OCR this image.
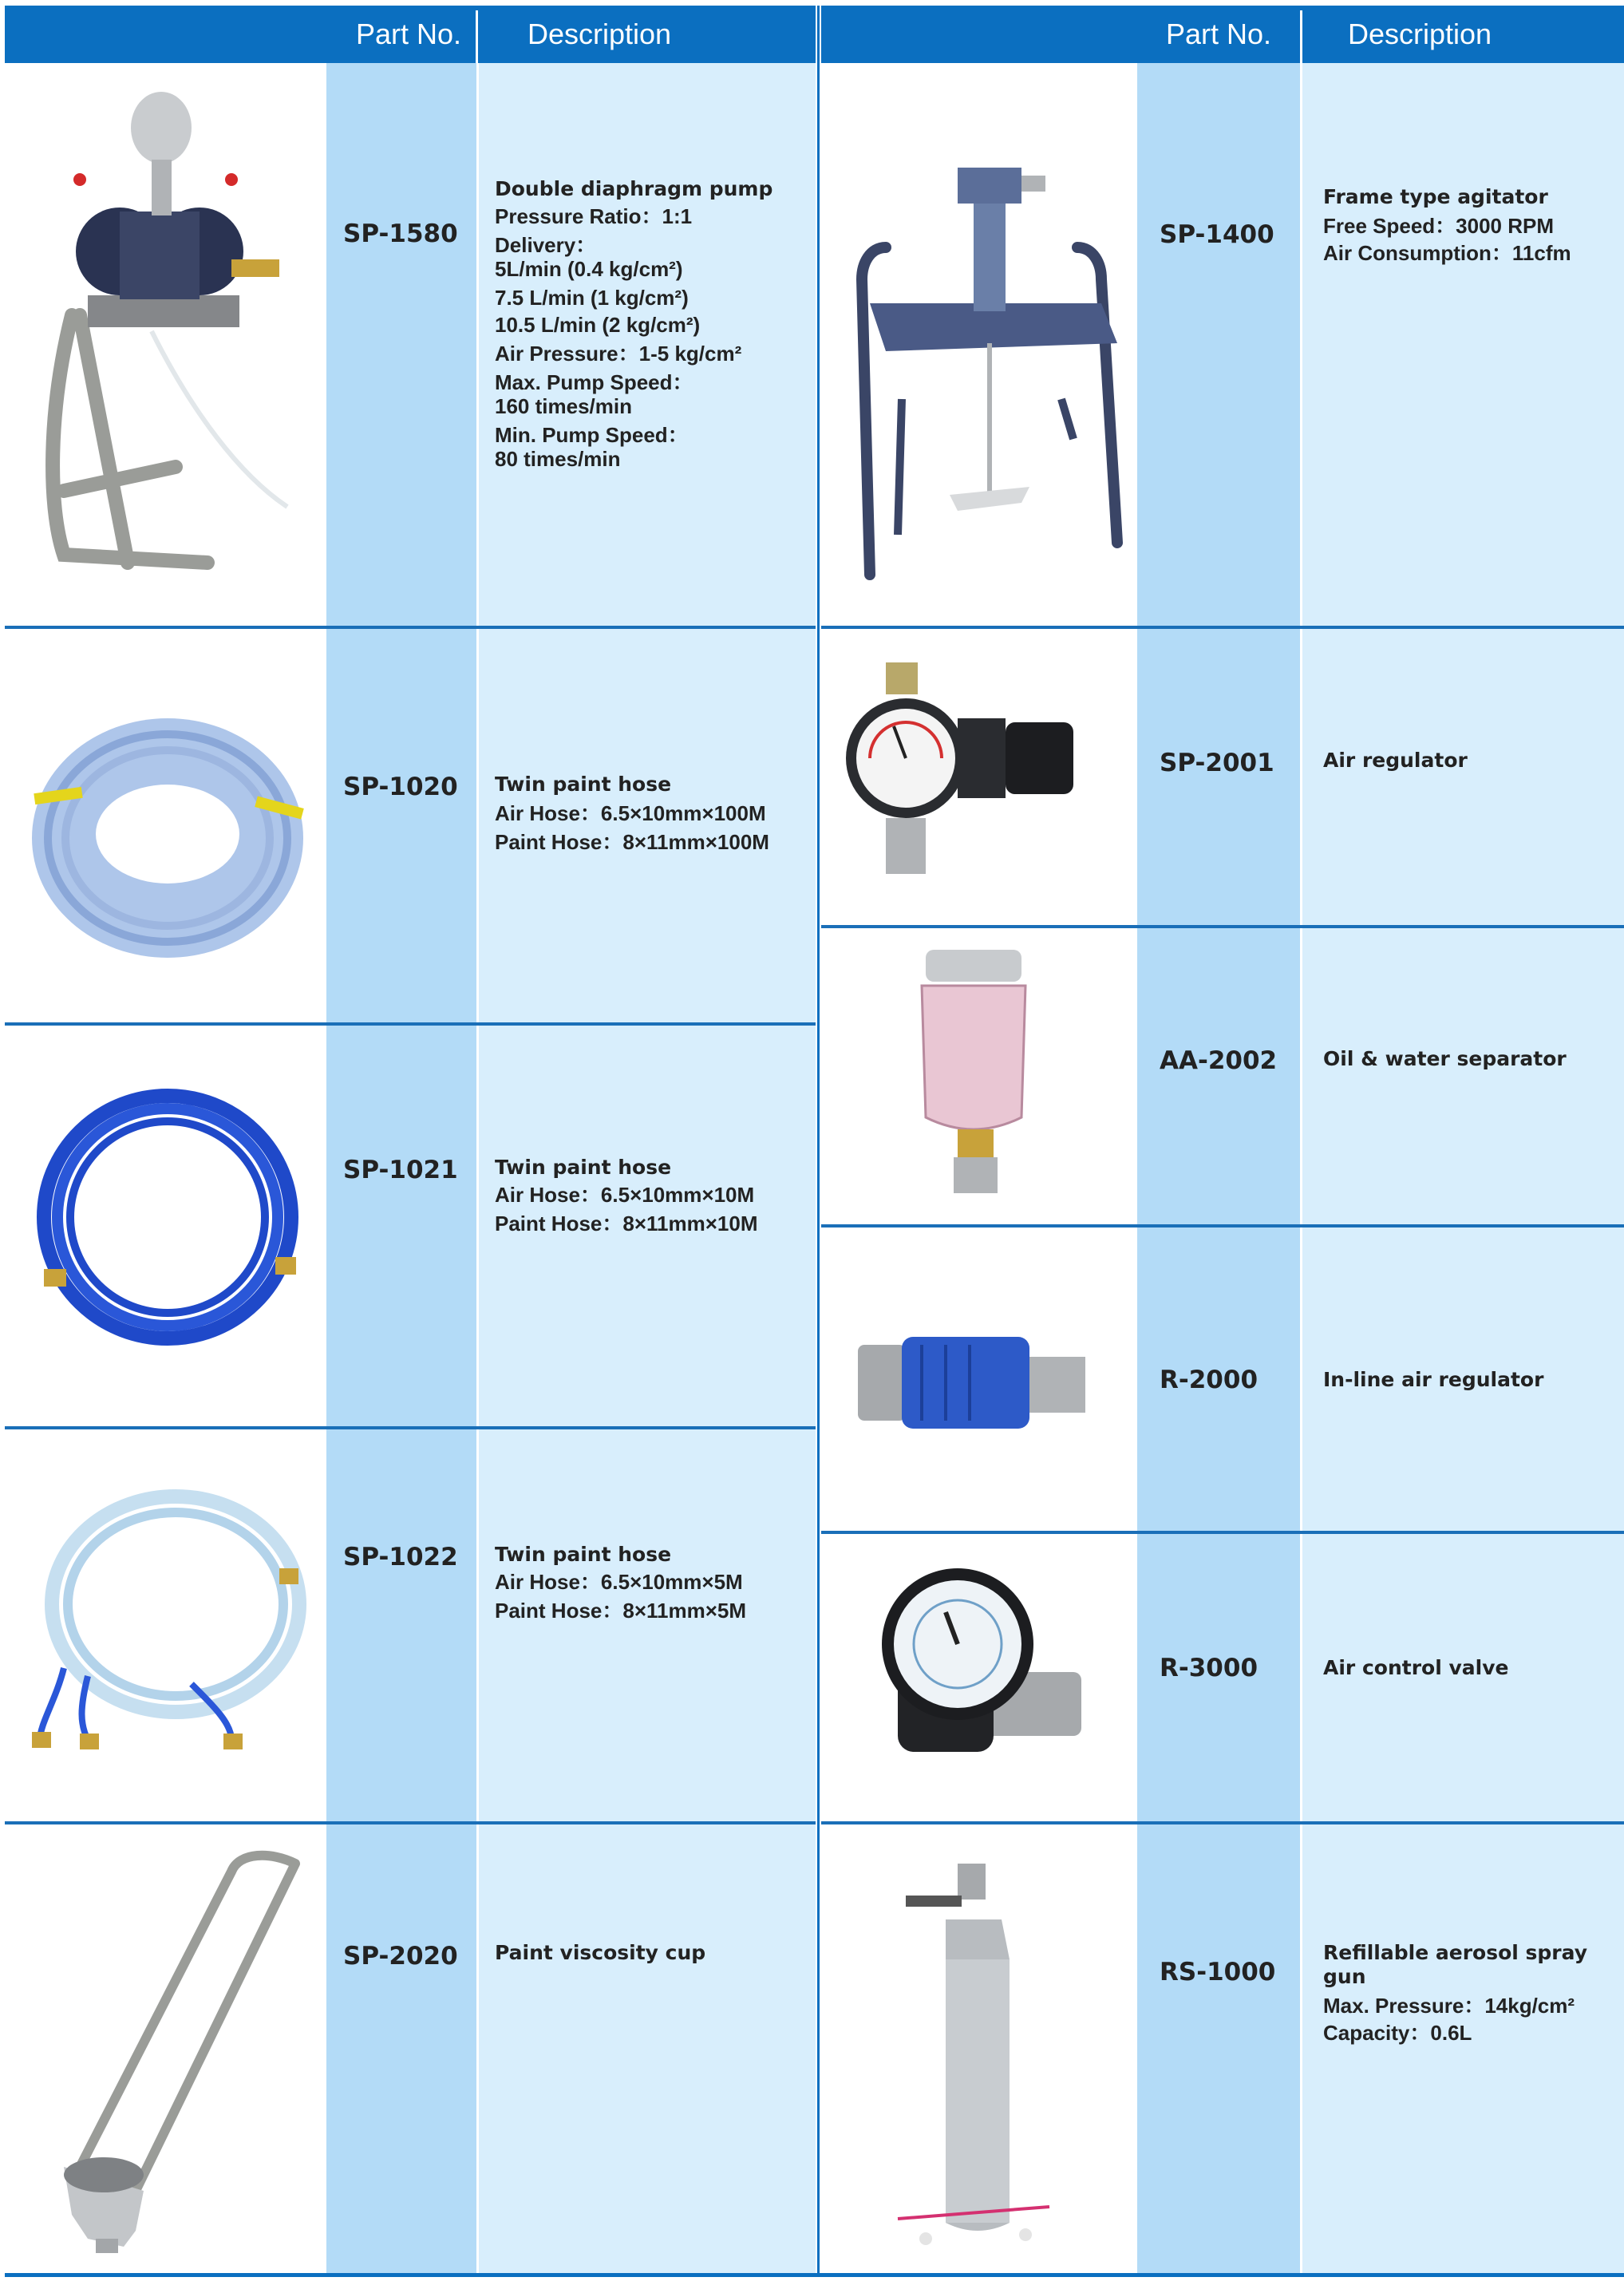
Part No. Description	Part No.	Description
SP-1580
Double diaphragm pump
Pressure Ratio：1:1
Delivery：
5L/min (0.4 kg/cm²)
7.5 L/min (1 kg/cm²)
10.5 L/min (2 kg/cm²)
Air Pressure：1-5 kg/cm²
Max. Pump Speed：
160 times/min
Min. Pump Speed：
80 times/min
SP-1020 Twin paint hose
Air Hose：6.5×10mm×100M
Paint Hose：8×11mm×100M
SP-1021 Twin paint hose
Air Hose：6.5×10mm×10M
Paint Hose：8×11mm×10M
SP-1022 Twin paint hose
Air Hose：6.5×10mm×5M
Paint Hose：8×11mm×5M
SP-2020 Paint viscosity cup
SP-1400
Frame type agitator
Free Speed：3000 RPM
Air Consumption：11cfm
SP-2001 Air regulator
AA-2002 Oil & water separator
R-2000	In-line air regulator
R-3000	Air control valve
RS-1000
Refillable aerosol spray gun
Max. Pressure：14kg/cm²
Capacity：0.6L
